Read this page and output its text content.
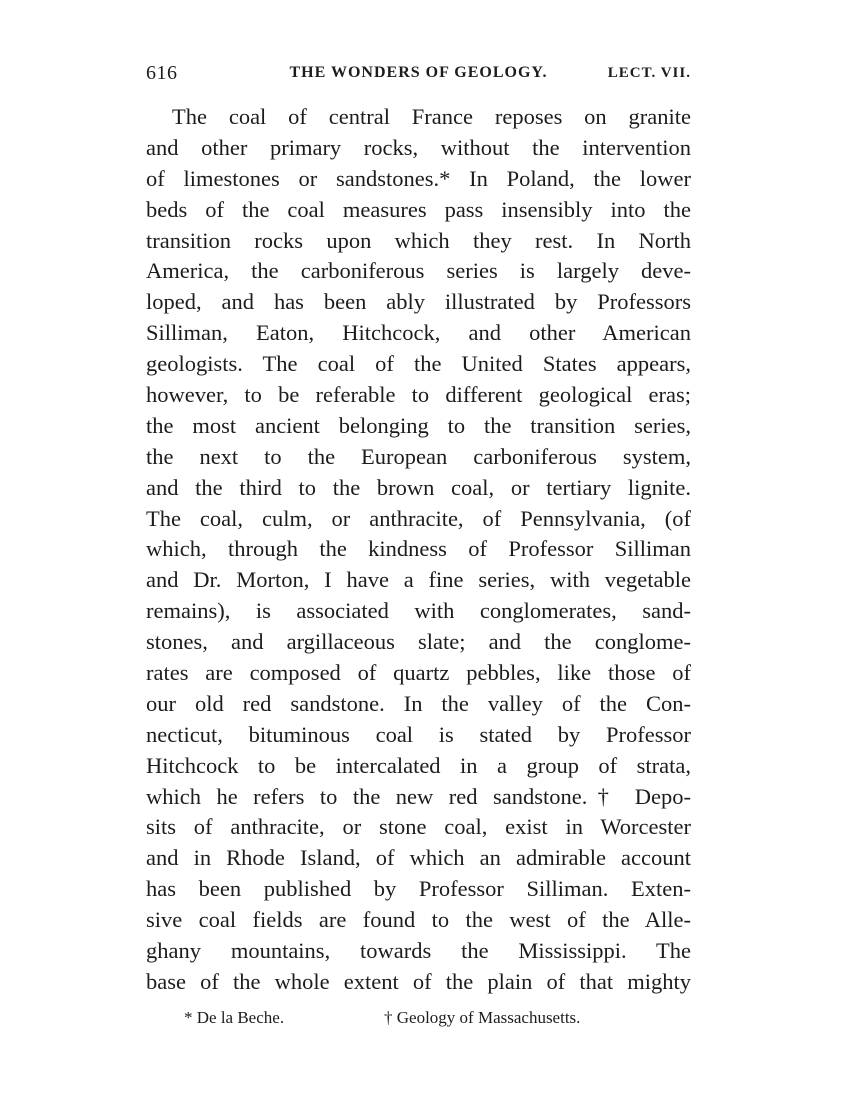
616	THE WONDERS OF GEOLOGY.	LECT. VII.
The coal of central France reposes on granite
and other primary rocks, without the intervention
of limestones or sandstones.* In Poland, the lower
beds of the coal measures pass insensibly into the
transition rocks upon which they rest. In North
America, the carboniferous series is largely deve-
loped, and has been ably illustrated by Professors
Silliman, Eaton, Hitchcock, and other American
geologists. The coal of the United States appears,
however, to be referable to different geological eras;
the most ancient belonging to the transition series,
the next to the European carboniferous system,
and the third to the brown coal, or tertiary lignite.
The coal, culm, or anthracite, of Pennsylvania, (of
which, through the kindness of Professor Silliman
and Dr. Morton, I have a fine series, with vegetable
remains), is associated with conglomerates, sand-
stones, and argillaceous slate; and the conglome-
rates are composed of quartz pebbles, like those of
our old red sandstone. In the valley of the Con-
necticut, bituminous coal is stated by Professor
Hitchcock to be intercalated in a group of strata,
which he refers to the new red sandstone.† Depo-
sits of anthracite, or stone coal, exist in Worcester
and in Rhode Island, of which an admirable account
has been published by Professor Silliman. Exten-
sive coal fields are found to the west of the Alle-
ghany mountains, towards the Mississippi. The
base of the whole extent of the plain of that mighty
* De la Beche.	† Geology of Massachusetts.
